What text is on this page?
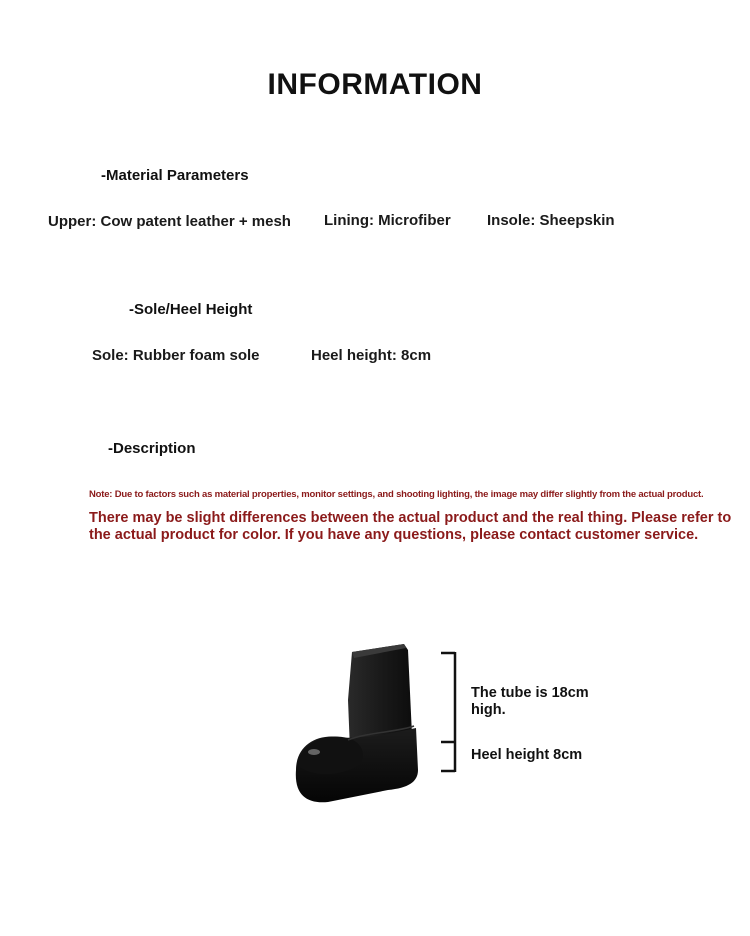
INFORMATION
-Material Parameters
Upper: Cow patent leather + mesh Lining: Microfiber Insole: Sheepskin
-Sole/Heel Height
Sole: Rubber foam sole	Heel height: 8cm
-Description
Note: Due to factors such as material properties, monitor settings, and shooting lighting, the image may differ slightly from the actual product.
There may be slight differences between the actual product and the real thing. Please refer to the actual product for color. If you have any questions, please contact customer service.
The tube is 18cm high.
Heel height 8cm
